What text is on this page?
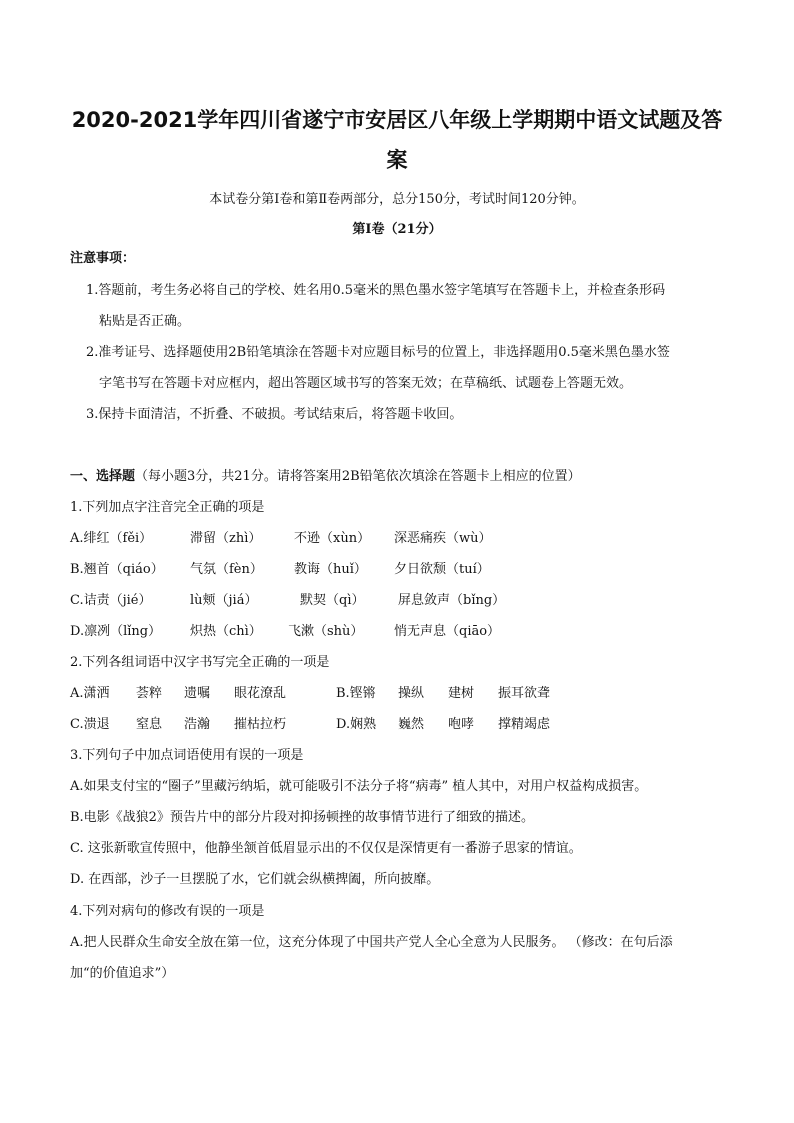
2020-2021学年四川省遂宁市安居区八年级上学期期中语文试题及答
案
本试卷分第Ⅰ卷和第Ⅱ卷两部分，总分150分，考试时间120分钟。
第Ⅰ卷（21分）
注意事项：
1.答题前，考生务必将自己的学校、姓名用0.5毫米的黑色墨水签字笔填写在答题卡上，并检查条形码
粘贴是否正确。
2.准考证号、选择题使用2B铅笔填涂在答题卡对应题目标号的位置上，非选择题用0.5毫米黑色墨水签
字笔书写在答题卡对应框内，超出答题区域书写的答案无效；在草稿纸、试题卷上答题无效。
3.保持卡面清洁，不折叠、不破损。考试结束后，将答题卡收回。
一、选择题（每小题3分，共21分。请将答案用2B铅笔依次填涂在答题卡上相应的位置）
1.下列加点字注音完全正确的项是
A.绯红（fěi）	滞留（zhì）	不逊（xùn） 深恶痛疾（wù）
B.翘首（qiáo） 气氛（fèn） 教诲（huǐ） 夕日欲颓（tuí）
C.诘责（jié）	lù颊（jiá）	默契（qì）	屏息敛声（bǐng）
D.凛冽（lǐng） 炽热（chì） 飞漱（shù） 悄无声息（qiāo）
2.下列各组词语中汉字书写完全正确的一项是
A.潇洒 荟粹 遗嘱 眼花潦乱	B.铿锵 操纵 建树 振耳欲聋
C.溃退 窒息 浩瀚 摧枯拉朽	D.娴熟 巍然 咆哮 撑精竭虑
3.下列句子中加点词语使用有误的一项是
A.如果支付宝的“圈子”里藏污纳垢，就可能吸引不法分子将“病毒” 植人其中，对用户权益构成损害。
B.电影《战狼2》预告片中的部分片段对抑扬顿挫的故事情节进行了细致的描述。
C. 这张新歌宣传照中，他静坐颔首低眉显示出的不仅仅是深情更有一番游子思家的情谊。
D. 在西部，沙子一旦摆脱了水，它们就会纵横捭阖，所向披靡。
4.下列对病句的修改有误的一项是
A.把人民群众生命安全放在第一位，这充分体现了中国共产党人全心全意为人民服务。 （修改：在句后添
加“的价值追求”）
